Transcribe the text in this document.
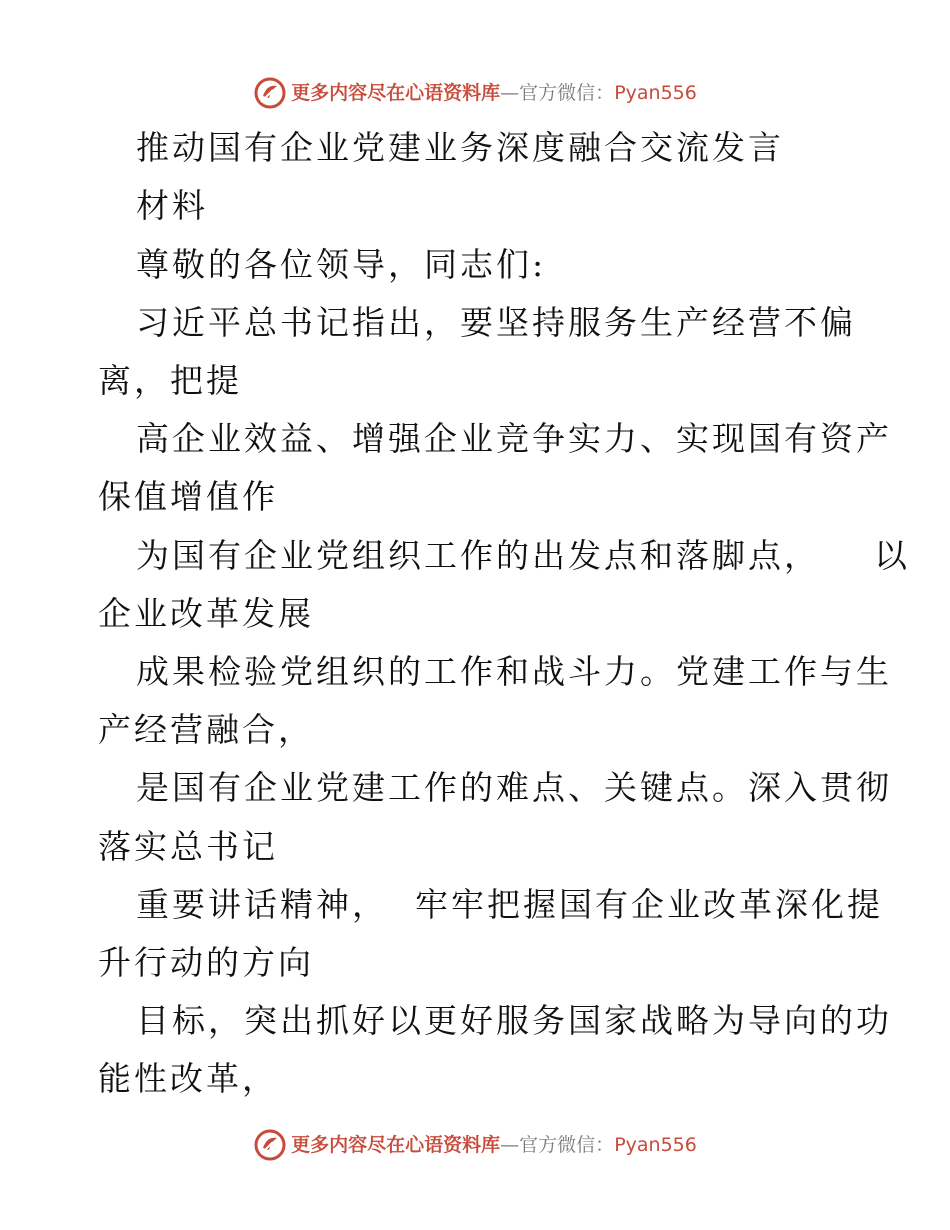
更多内容尽在心语资料库 — 官方微信： Pyan556
推动国有企业党建业务深度融合交流发言
材料
尊敬的各位领导，同志们:
习近平总书记指出，要坚持服务生产经营不偏
离，把提
高企业效益、增强企业竞争实力、实现国有资产
保值增值作
为国有企业党组织工作的出发点和落脚点，    以
企业改革发展
成果检验党组织的工作和战斗力。党建工作与生
产经营融合，
是国有企业党建工作的难点、关键点。深入贯彻
落实总书记
重要讲话精神，  牢牢把握国有企业改革深化提
升行动的方向
目标，突出抓好以更好服务国家战略为导向的功
能性改革，
更多内容尽在心语资料库 — 官方微信： Pyan556
